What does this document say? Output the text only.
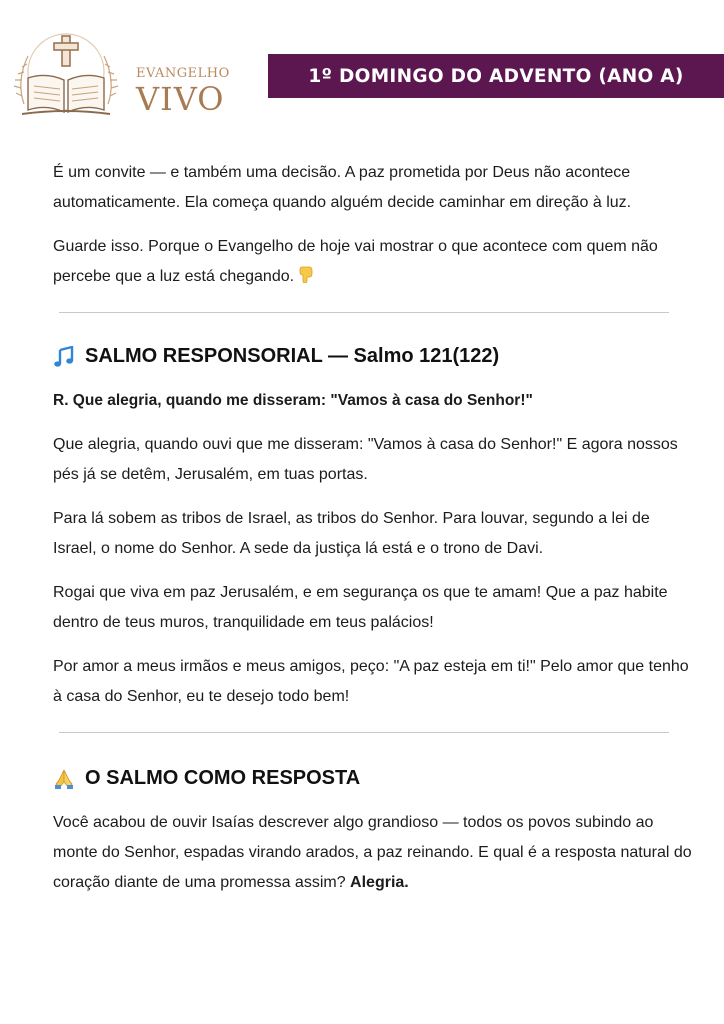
EVANGELHO
VIVO
1º DOMINGO DO ADVENTO (ANO A)

É um convite — e também uma decisão. A paz prometida por Deus não acontece automaticamente. Ela começa quando alguém decide caminhar em direção à luz.

Guarde isso. Porque o Evangelho de hoje vai mostrar o que acontece com quem não percebe que a luz está chegando.

SALMO RESPONSORIAL — Salmo 121(122)

R. Que alegria, quando me disseram: "Vamos à casa do Senhor!"

Que alegria, quando ouvi que me disseram: "Vamos à casa do Senhor!" E agora nossos pés já se detêm, Jerusalém, em tuas portas.

Para lá sobem as tribos de Israel, as tribos do Senhor. Para louvar, segundo a lei de Israel, o nome do Senhor. A sede da justiça lá está e o trono de Davi.

Rogai que viva em paz Jerusalém, e em segurança os que te amam! Que a paz habite dentro de teus muros, tranquilidade em teus palácios!

Por amor a meus irmãos e meus amigos, peço: "A paz esteja em ti!" Pelo amor que tenho à casa do Senhor, eu te desejo todo bem!

O SALMO COMO RESPOSTA

Você acabou de ouvir Isaías descrever algo grandioso — todos os povos subindo ao monte do Senhor, espadas virando arados, a paz reinando. E qual é a resposta natural do coração diante de uma promessa assim? Alegria.
